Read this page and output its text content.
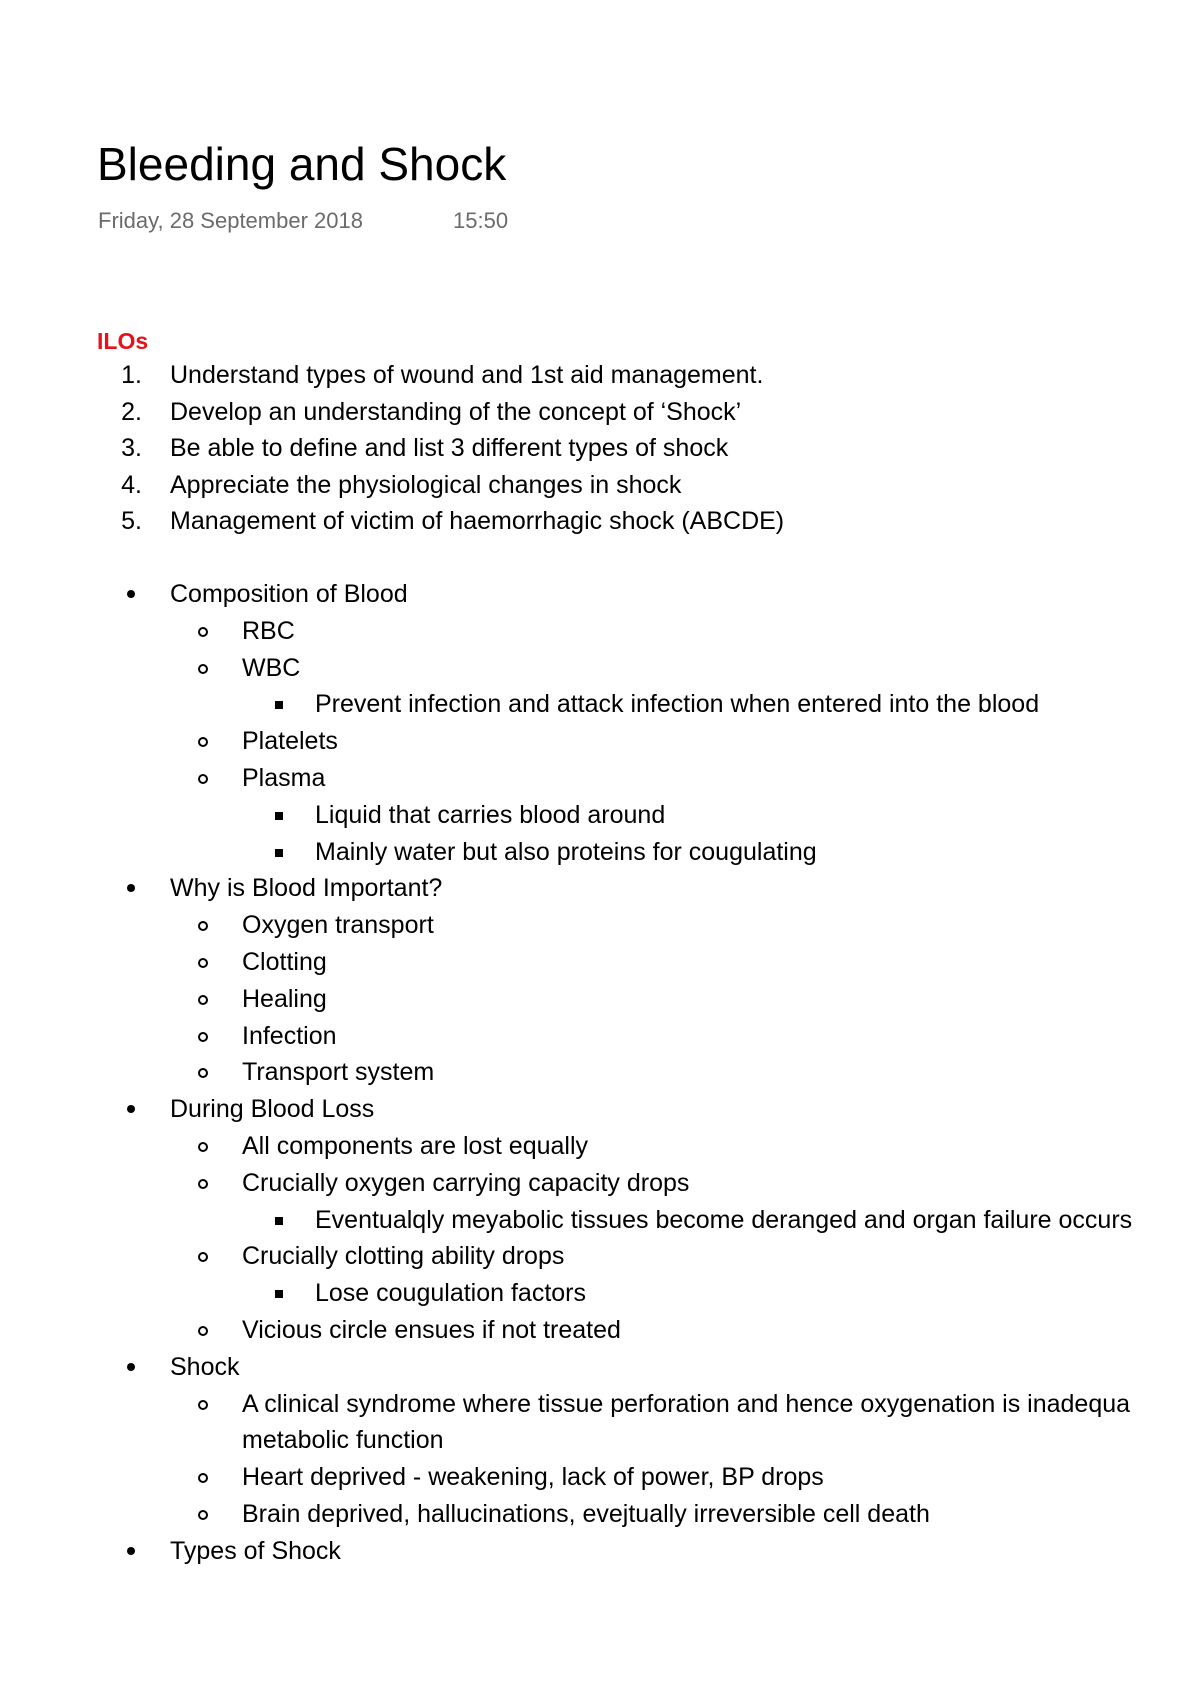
Bleeding and Shock
Friday, 28 September 2018	15:50
ILOs
1. Understand types of wound and 1st aid management.
2. Develop an understanding of the concept of ‘Shock’
3. Be able to define and list 3 different types of shock
4. Appreciate the physiological changes in shock
5. Management of victim of haemorrhagic shock (ABCDE)
Composition of Blood
RBC
WBC
Prevent infection and attack infection when entered into the blood
Platelets
Plasma
Liquid that carries blood around
Mainly water but also proteins for cougulating
Why is Blood Important?
Oxygen transport
Clotting
Healing
Infection
Transport system
During Blood Loss
All components are lost equally
Crucially oxygen carrying capacity drops
Eventualqly meyabolic tissues become deranged and organ failure occurs
Crucially clotting ability drops
Lose cougulation factors
Vicious circle ensues if not treated
Shock
A clinical syndrome where tissue perforation and hence oxygenation is inadequa
metabolic function
Heart deprived - weakening, lack of power, BP drops
Brain deprived, hallucinations, evejtually irreversible cell death
Types of Shock
